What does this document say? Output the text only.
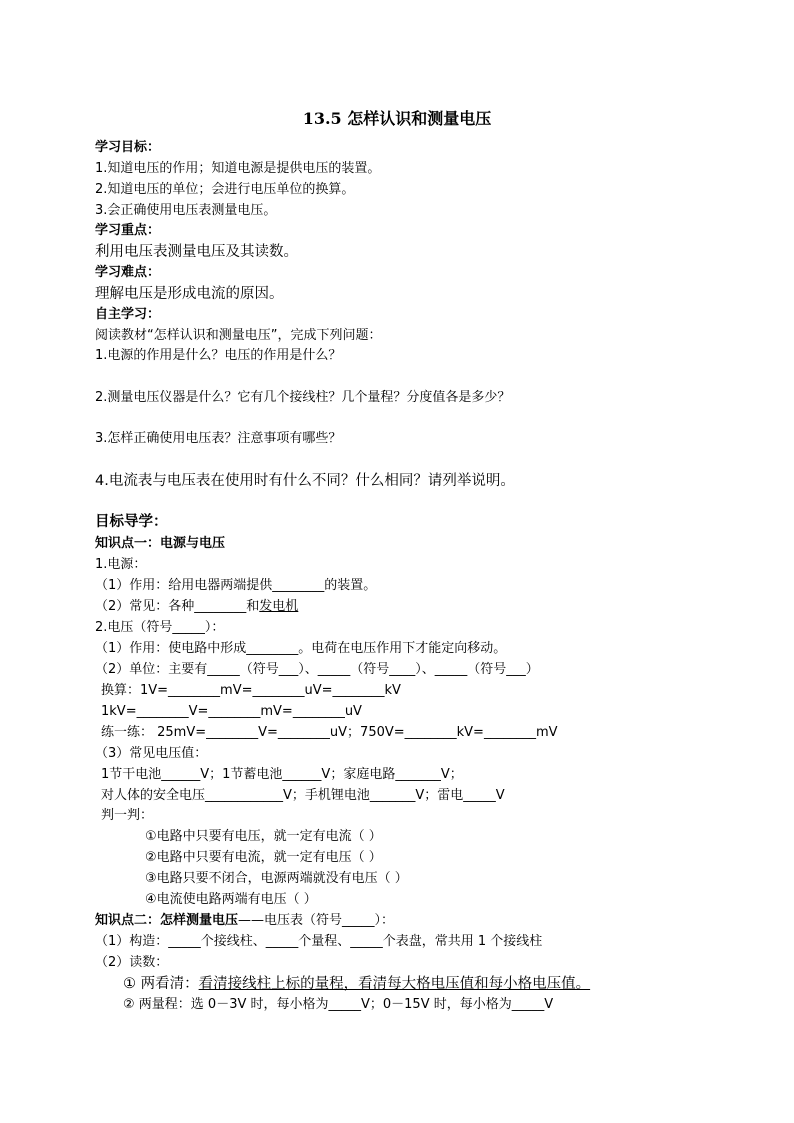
13.5 怎样认识和测量电压
学习目标：
1.知道电压的作用；知道电源是提供电压的装置。
2.知道电压的单位；会进行电压单位的换算。
3.会正确使用电压表测量电压。
学习重点：
利用电压表测量电压及其读数。
学习难点：
理解电压是形成电流的原因。
自主学习：
阅读教材“怎样认识和测量电压”，完成下列问题：
1.电源的作用是什么？电压的作用是什么？
2.测量电压仪器是什么？它有几个接线柱？几个量程？分度值各是多少？
3.怎样正确使用电压表？注意事项有哪些？
4.电流表与电压表在使用时有什么不同？什么相同？请列举说明。
目标导学：
知识点一：电源与电压
1.电源：
（1）作用：给用电器两端提供________的装置。
（2）常见：各种________和发电机
2.电压（符号_____）：
（1）作用：使电路中形成________。电荷在电压作用下才能定向移动。
（2）单位：主要有_____（符号___）、_____（符号____）、_____（符号___）
换算：1V=________mV=________uV=________kV
1kV=________V=________mV=________uV
练一练： 25mV=________V=________uV；750V=________kV=________mV
（3）常见电压值：
1节干电池______V；1节蓄电池______V；家庭电路_______V；
对人体的安全电压____________V；手机锂电池_______V；雷电_____V
判一判：
①电路中只要有电压，就一定有电流（ ）
②电路中只要有电流，就一定有电压（ ）
③电路只要不闭合，电源两端就没有电压（ ）
④电流使电路两端有电压（ ）
知识点二：怎样测量电压——电压表（符号_____）：
（1）构造：_____个接线柱、_____个量程、_____个表盘，常共用 1 个接线柱
（2）读数：
① 两看清：看清接线柱上标的量程，看清每大格电压值和每小格电压值。
② 两量程：选 0－3V 时，每小格为_____V；0－15V 时，每小格为_____V
